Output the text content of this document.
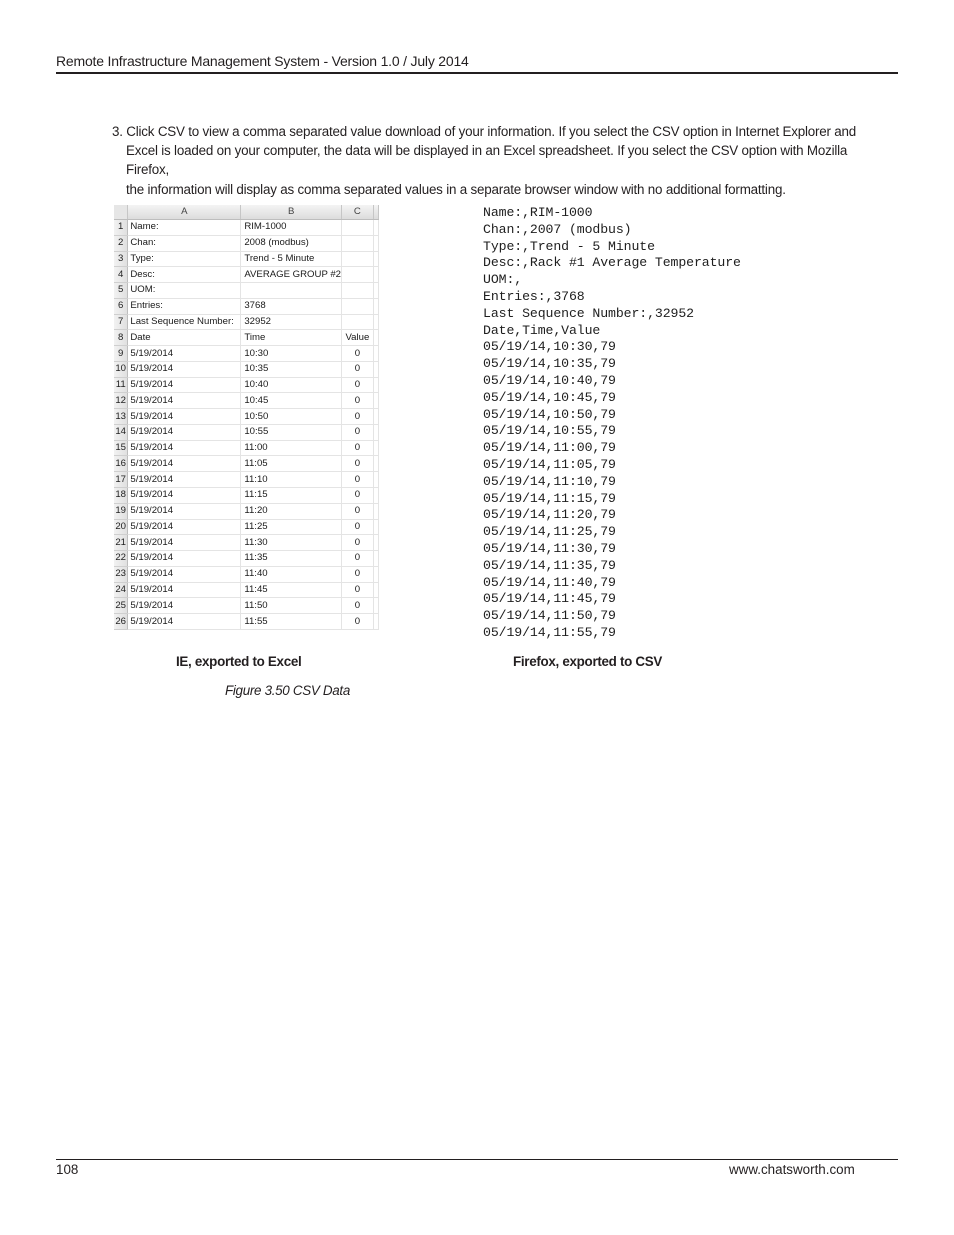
Remote Infrastructure Management System - Version 1.0 / July 2014
3. Click CSV to view a comma separated value download of your information. If you select the CSV option in Internet Explorer and
Excel is loaded on your computer, the data will be displayed in an Excel spreadsheet. If you select the CSV option with Mozilla Firefox,
the information will display as comma separated values in a separate browser window with no additional formatting.
	A	B	C	
1	Name:	RIM-1000		
2	Chan:	2008 (modbus)		
3	Type:	Trend - 5 Minute		
4	Desc:	AVERAGE GROUP #2		
5	UOM:			
6	Entries:	3768		
7	Last Sequence Number:	32952		
8	Date	Time	Value	
9	5/19/2014	10:30	0	
10	5/19/2014	10:35	0	
11	5/19/2014	10:40	0	
12	5/19/2014	10:45	0	
13	5/19/2014	10:50	0	
14	5/19/2014	10:55	0	
15	5/19/2014	11:00	0	
16	5/19/2014	11:05	0	
17	5/19/2014	11:10	0	
18	5/19/2014	11:15	0	
19	5/19/2014	11:20	0	
20	5/19/2014	11:25	0	
21	5/19/2014	11:30	0	
22	5/19/2014	11:35	0	
23	5/19/2014	11:40	0	
24	5/19/2014	11:45	0	
25	5/19/2014	11:50	0	
26	5/19/2014	11:55	0	
Name:,RIM-1000
Chan:,2007 (modbus)
Type:,Trend - 5 Minute
Desc:,Rack #1 Average Temperature
UOM:,
Entries:,3768
Last Sequence Number:,32952
Date,Time,Value
05/19/14,10:30,79
05/19/14,10:35,79
05/19/14,10:40,79
05/19/14,10:45,79
05/19/14,10:50,79
05/19/14,10:55,79
05/19/14,11:00,79
05/19/14,11:05,79
05/19/14,11:10,79
05/19/14,11:15,79
05/19/14,11:20,79
05/19/14,11:25,79
05/19/14,11:30,79
05/19/14,11:35,79
05/19/14,11:40,79
05/19/14,11:45,79
05/19/14,11:50,79
05/19/14,11:55,79
IE, exported to Excel	Firefox, exported to CSV
Figure 3.50 CSV Data
108	www.chatsworth.com
